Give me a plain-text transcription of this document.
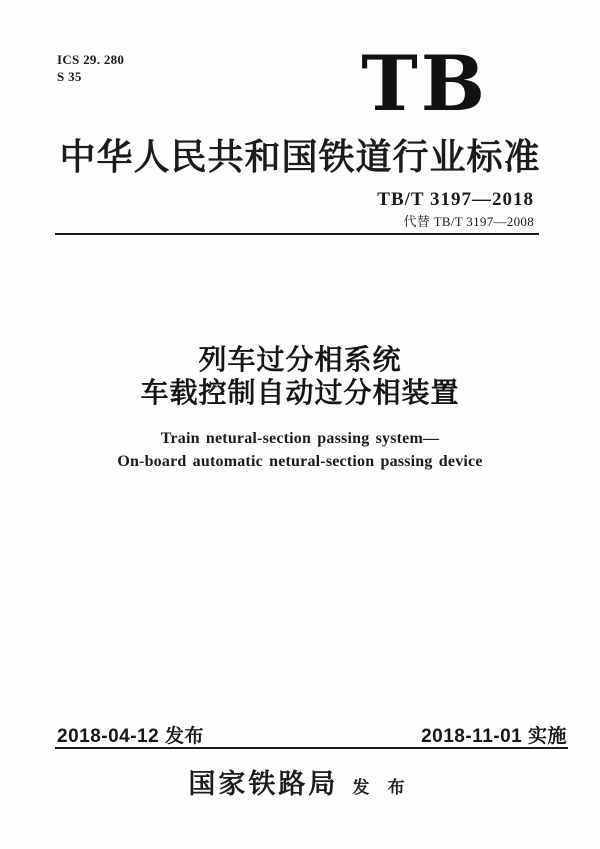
ICS 29. 280
S 35	TB
中华人民共和国铁道行业标准
TB/T 3197—2018
代替 TB/T 3197—2008
列车过分相系统
车载控制自动过分相装置
Train netural-section passing system—
On-board automatic netural-section passing device
2018-04-12 发布	2018-11-01 实施
国家铁路局 发 布
